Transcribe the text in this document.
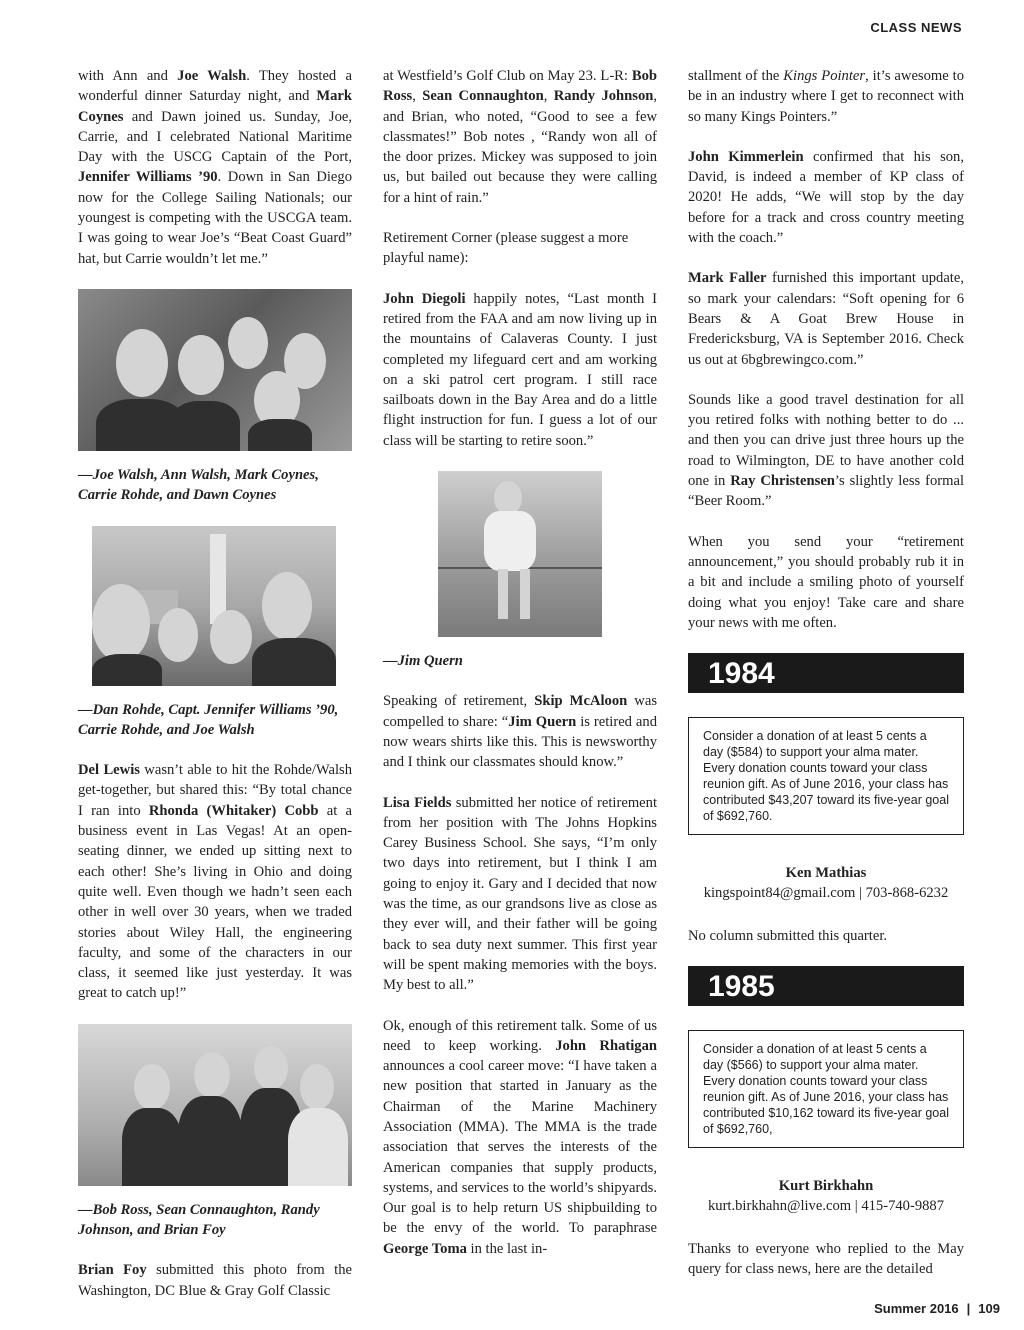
CLASS NEWS

with Ann and Joe Walsh. They hosted a wonderful dinner Saturday night, and Mark Coynes and Dawn joined us. Sunday, Joe, Carrie, and I celebrated National Maritime Day with the USCG Captain of the Port, Jennifer Williams ’90. Down in San Diego now for the College Sailing Nationals; our youngest is competing with the USCGA team. I was going to wear Joe’s “Beat Coast Guard” hat, but Carrie wouldn’t let me.”

—Joe Walsh, Ann Walsh, Mark Coynes, Carrie Rohde, and Dawn Coynes

—Dan Rohde, Capt. Jennifer Williams ’90, Carrie Rohde, and Joe Walsh

Del Lewis wasn’t able to hit the Rohde/Walsh get-together, but shared this: “By total chance I ran into Rhonda (Whitaker) Cobb at a business event in Las Vegas! At an open-seating dinner, we ended up sitting next to each other! She’s living in Ohio and doing quite well. Even though we hadn’t seen each other in well over 30 years, when we traded stories about Wiley Hall, the engineering faculty, and some of the characters in our class, it seemed like just yesterday. It was great to catch up!”

—Bob Ross, Sean Connaughton, Randy Johnson, and Brian Foy

Brian Foy submitted this photo from the Washington, DC Blue & Gray Golf Classic

at Westfield’s Golf Club on May 23. L-R: Bob Ross, Sean Connaughton, Randy Johnson, and Brian, who noted, “Good to see a few classmates!” Bob notes , “Randy won all of the door prizes. Mickey was supposed to join us, but bailed out because they were calling for a hint of rain.”

Retirement Corner (please suggest a more playful name):

John Diegoli happily notes, “Last month I retired from the FAA and am now living up in the mountains of Calaveras County. I just completed my lifeguard cert and am working on a ski patrol cert program. I still race sailboats down in the Bay Area and do a little flight instruction for fun. I guess a lot of our class will be starting to retire soon.”

—Jim Quern

Speaking of retirement, Skip McAloon was compelled to share: “Jim Quern is retired and now wears shirts like this. This is newsworthy and I think our classmates should know.”

Lisa Fields submitted her notice of retirement from her position with The Johns Hopkins Carey Business School. She says, “I’m only two days into retirement, but I think I am going to enjoy it. Gary and I decided that now was the time, as our grandsons live as close as they ever will, and their father will be going back to sea duty next summer. This first year will be spent making memories with the boys. My best to all.”

Ok, enough of this retirement talk. Some of us need to keep working. John Rhatigan announces a cool career move: “I have taken a new position that started in January as the Chairman of the Marine Machinery Association (MMA). The MMA is the trade association that serves the interests of the American companies that supply products, systems, and services to the world’s shipyards. Our goal is to help return US shipbuilding to be the envy of the world. To paraphrase George Toma in the last in-

stallment of the Kings Pointer, it’s awesome to be in an industry where I get to reconnect with so many Kings Pointers.”

John Kimmerlein confirmed that his son, David, is indeed a member of KP class of 2020! He adds, “We will stop by the day before for a track and cross country meeting with the coach.”

Mark Faller furnished this important update, so mark your calendars: “Soft opening for 6 Bears & A Goat Brew House in Fredericksburg, VA is September 2016. Check us out at 6bgbrewingco.com.”

Sounds like a good travel destination for all you retired folks with nothing better to do ... and then you can drive just three hours up the road to Wilmington, DE to have another cold one in Ray Christensen’s slightly less formal “Beer Room.”

When you send your “retirement announcement,” you should probably rub it in a bit and include a smiling photo of yourself doing what you enjoy! Take care and share your news with me often.

1984
Consider a donation of at least 5 cents a day ($584) to support your alma mater. Every donation counts toward your class reunion gift. As of June 2016, your class has contributed $43,207 toward its five-year goal of $692,760.
Ken Mathias
kingspoint84@gmail.com | 703-868-6232

No column submitted this quarter.

1985
Consider a donation of at least 5 cents a day ($566) to support your alma mater. Every donation counts toward your class reunion gift. As of June 2016, your class has contributed $10,162 toward its five-year goal of $692,760,
Kurt Birkhahn
kurt.birkhahn@live.com | 415-740-9887

Thanks to everyone who replied to the May query for class news, here are the detailed

Summer 2016 | 109
